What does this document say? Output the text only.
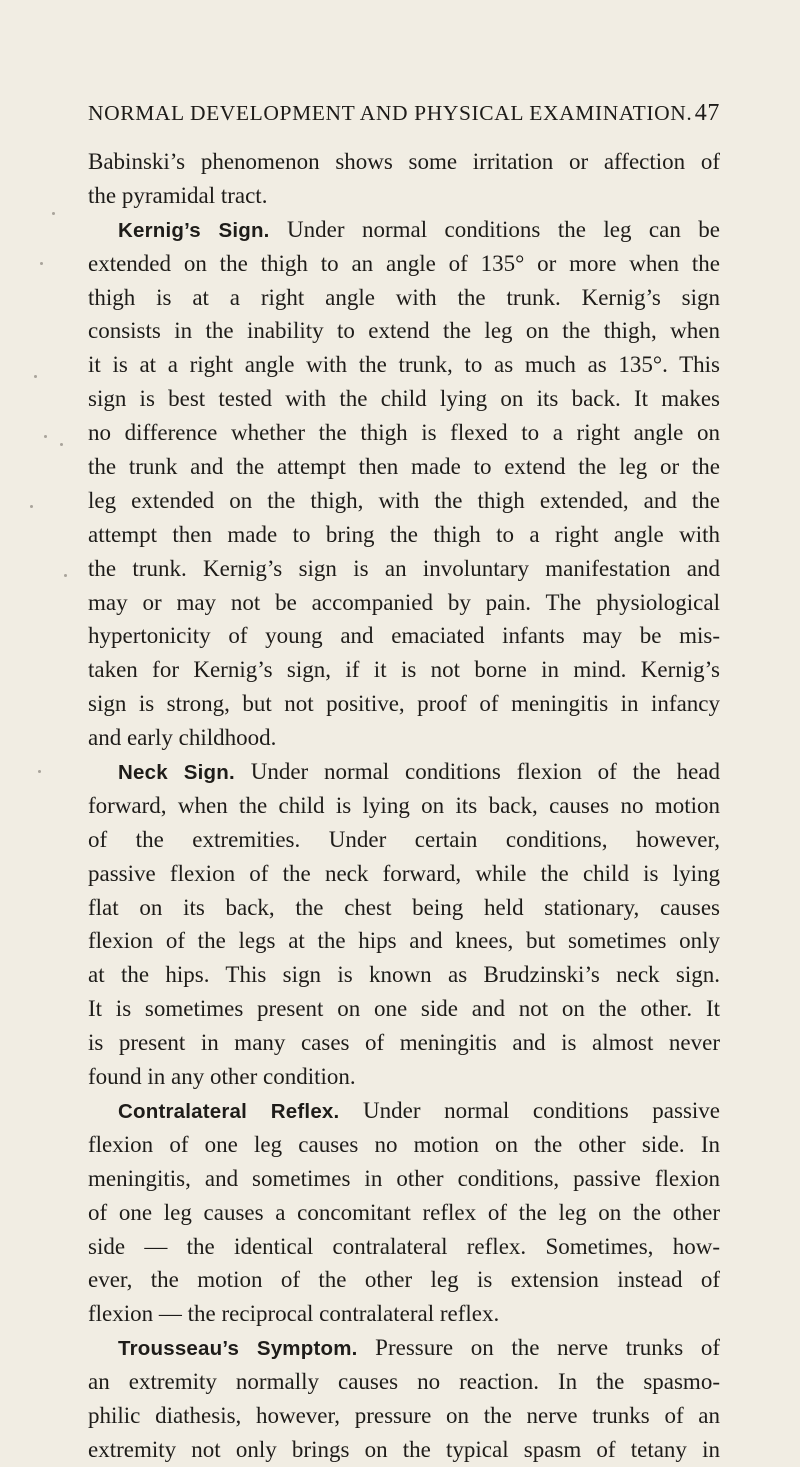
NORMAL DEVELOPMENT AND PHYSICAL EXAMINATION. 47
Babinski’s phenomenon shows some irritation or affection of
the pyramidal tract.
Kernig’s Sign. Under normal conditions the leg can be
extended on the thigh to an angle of 135° or more when the
thigh is at a right angle with the trunk. Kernig’s sign
consists in the inability to extend the leg on the thigh, when
it is at a right angle with the trunk, to as much as 135°. This
sign is best tested with the child lying on its back. It makes
no difference whether the thigh is flexed to a right angle on
the trunk and the attempt then made to extend the leg or the
leg extended on the thigh, with the thigh extended, and the
attempt then made to bring the thigh to a right angle with
the trunk. Kernig’s sign is an involuntary manifestation and
may or may not be accompanied by pain. The physiological
hypertonicity of young and emaciated infants may be mis-
taken for Kernig’s sign, if it is not borne in mind. Kernig’s
sign is strong, but not positive, proof of meningitis in infancy
and early childhood.
Neck Sign. Under normal conditions flexion of the head
forward, when the child is lying on its back, causes no motion
of the extremities. Under certain conditions, however,
passive flexion of the neck forward, while the child is lying
flat on its back, the chest being held stationary, causes
flexion of the legs at the hips and knees, but sometimes only
at the hips. This sign is known as Brudzinski’s neck sign.
It is sometimes present on one side and not on the other. It
is present in many cases of meningitis and is almost never
found in any other condition.
Contralateral Reflex. Under normal conditions passive
flexion of one leg causes no motion on the other side. In
meningitis, and sometimes in other conditions, passive flexion
of one leg causes a concomitant reflex of the leg on the other
side — the identical contralateral reflex. Sometimes, how-
ever, the motion of the other leg is extension instead of
flexion — the reciprocal contralateral reflex.
Trousseau’s Symptom. Pressure on the nerve trunks of
an extremity normally causes no reaction. In the spasmo-
philic diathesis, however, pressure on the nerve trunks of an
extremity not only brings on the typical spasm of tetany in
